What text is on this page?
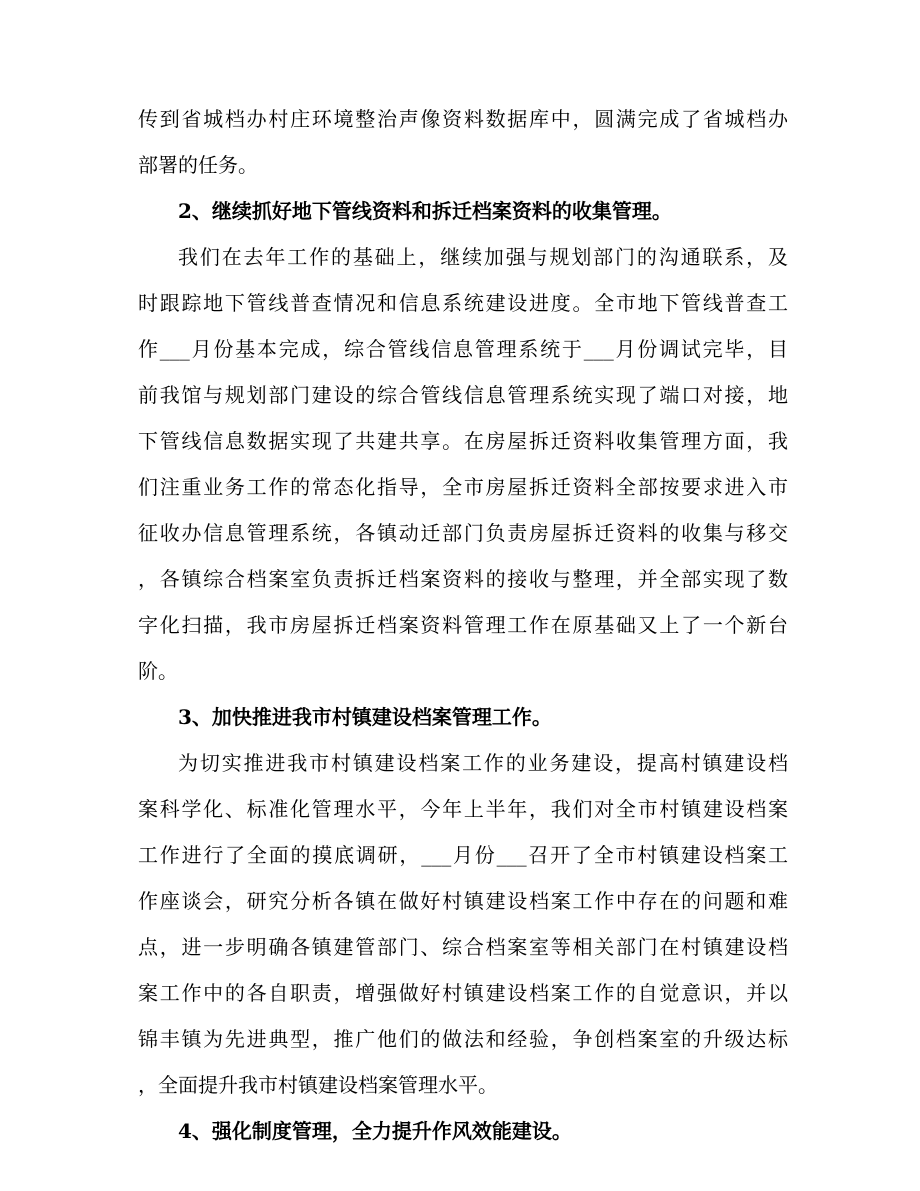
传到省城档办村庄环境整治声像资料数据库中，圆满完成了省城档办
部署的任务。
2、继续抓好地下管线资料和拆迁档案资料的收集管理。
我们在去年工作的基础上，继续加强与规划部门的沟通联系，及
时跟踪地下管线普查情况和信息系统建设进度。全市地下管线普查工
作___月份基本完成，综合管线信息管理系统于___月份调试完毕，目
前我馆与规划部门建设的综合管线信息管理系统实现了端口对接，地
下管线信息数据实现了共建共享。在房屋拆迁资料收集管理方面，我
们注重业务工作的常态化指导，全市房屋拆迁资料全部按要求进入市
征收办信息管理系统，各镇动迁部门负责房屋拆迁资料的收集与移交
，各镇综合档案室负责拆迁档案资料的接收与整理，并全部实现了数
字化扫描，我市房屋拆迁档案资料管理工作在原基础又上了一个新台
阶。
3、加快推进我市村镇建设档案管理工作。
为切实推进我市村镇建设档案工作的业务建设，提高村镇建设档
案科学化、标准化管理水平，今年上半年，我们对全市村镇建设档案
工作进行了全面的摸底调研，___月份___召开了全市村镇建设档案工
作座谈会，研究分析各镇在做好村镇建设档案工作中存在的问题和难
点，进一步明确各镇建管部门、综合档案室等相关部门在村镇建设档
案工作中的各自职责，增强做好村镇建设档案工作的自觉意识，并以
锦丰镇为先进典型，推广他们的做法和经验，争创档案室的升级达标
，全面提升我市村镇建设档案管理水平。
4、强化制度管理，全力提升作风效能建设。
